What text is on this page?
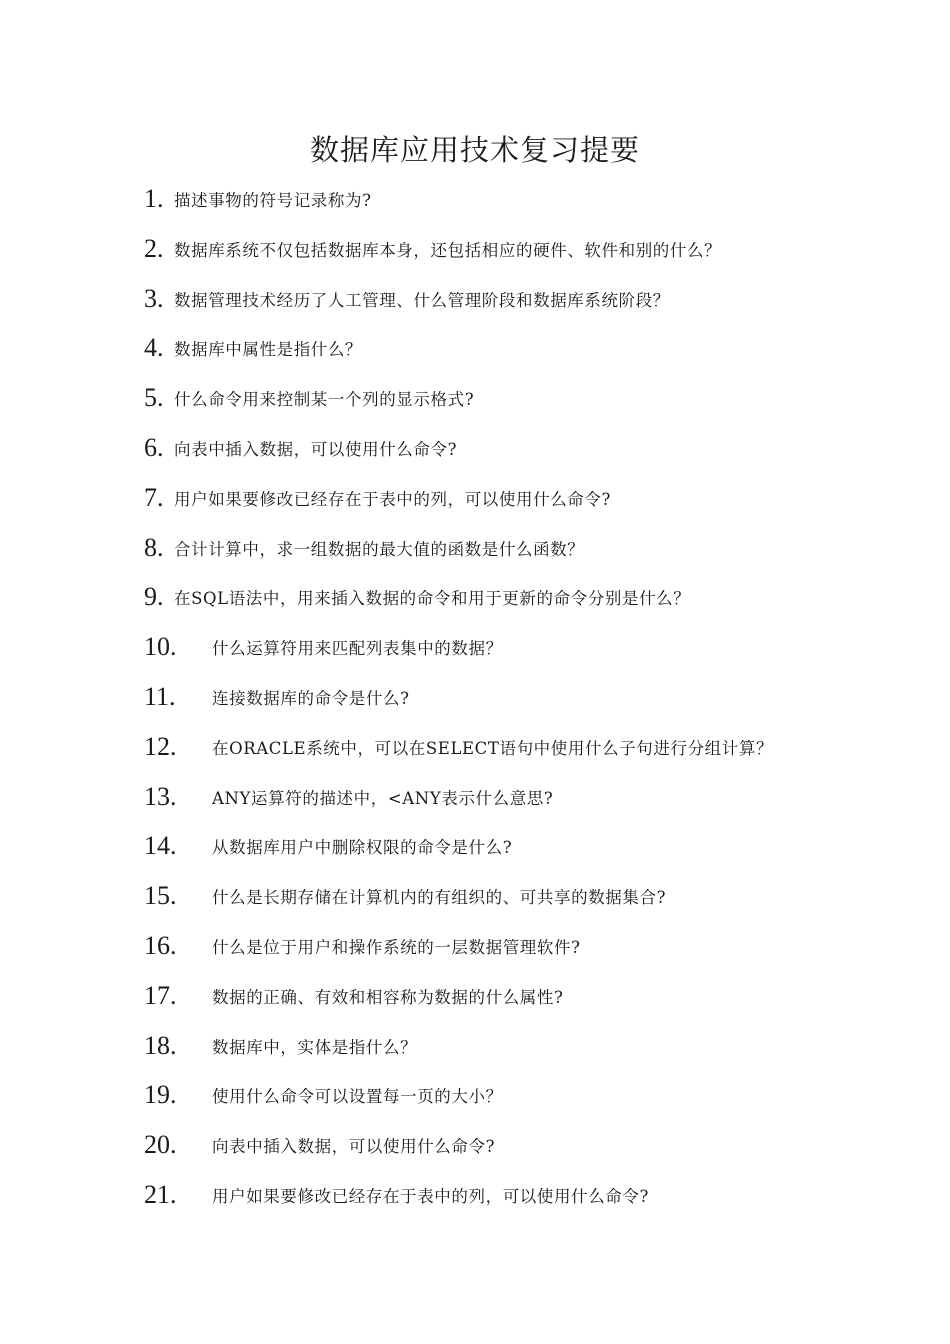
数据库应用技术复习提要
1. 描述事物的符号记录称为?
2. 数据库系统不仅包括数据库本身，还包括相应的硬件、软件和别的什么？
3. 数据管理技术经历了人工管理、什么管理阶段和数据库系统阶段？
4. 数据库中属性是指什么？
5. 什么命令用来控制某一个列的显示格式?
6. 向表中插入数据，可以使用什么命令?
7. 用户如果要修改已经存在于表中的列，可以使用什么命令?
8. 合计计算中，求一组数据的最大值的函数是什么函数？
9. 在SQL语法中，用来插入数据的命令和用于更新的命令分别是什么？
10.	什么运算符用来匹配列表集中的数据？
11.	连接数据库的命令是什么?
12.	在ORACLE系统中，可以在SELECT语句中使用什么子句进行分组计算？
13.	ANY运算符的描述中，<ANY表示什么意思?
14.	从数据库用户中删除权限的命令是什么?
15.	什么是长期存储在计算机内的有组织的、可共享的数据集合?
16.	什么是位于用户和操作系统的一层数据管理软件?
17.	数据的正确、有效和相容称为数据的什么属性?
18.	数据库中，实体是指什么？
19.	使用什么命令可以设置每一页的大小？
20.	向表中插入数据，可以使用什么命令?
21.	用户如果要修改已经存在于表中的列，可以使用什么命令?
